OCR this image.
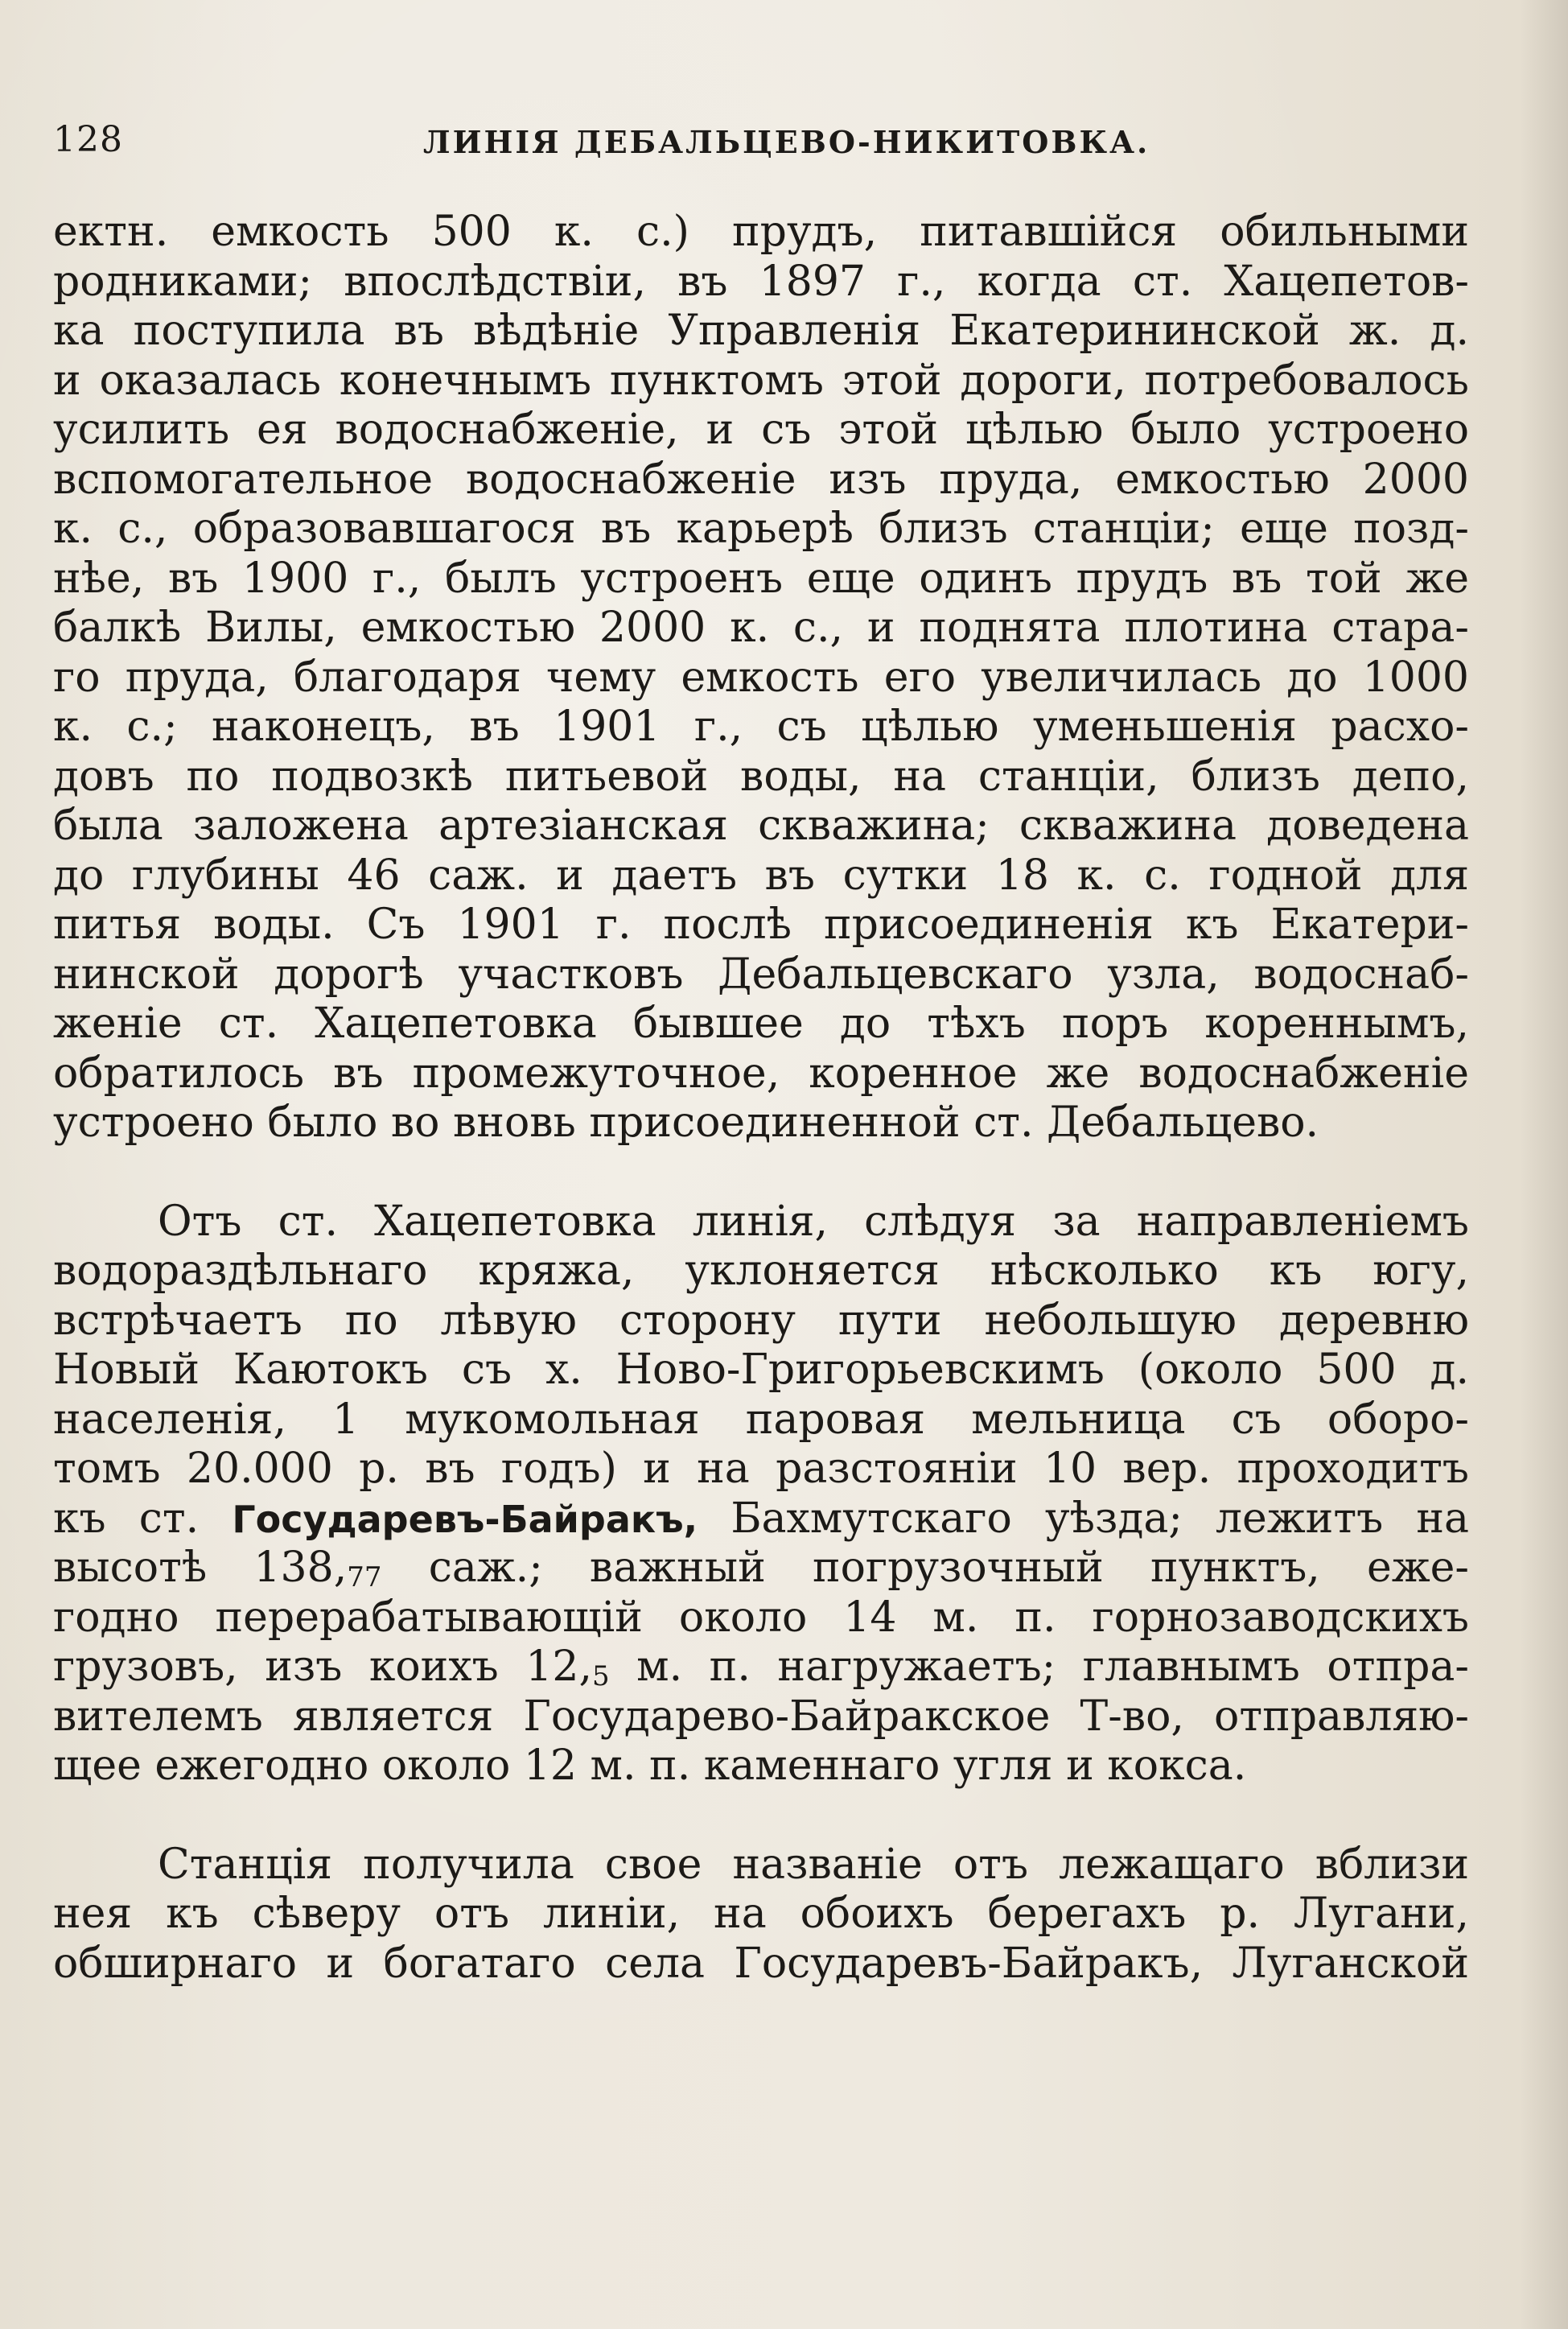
128	ЛИНІЯ ДЕБАЛЬЦЕВО-НИКИТОВКА.
ектн. емкость 500 к. с.) прудъ, питавшійся обильными
родниками; впослѣдствіи, въ 1897 г., когда ст. Хацепетов-
ка поступила въ вѣдѣніе Управленія Екатерининской ж. д.
и оказалась конечнымъ пунктомъ этой дороги, потребовалось
усилить ея водоснабженіе, и съ этой цѣлью было устроено
вспомогательное водоснабженіе изъ пруда, емкостью 2000
к. с., образовавшагося въ карьерѣ близъ станціи; еще позд-
нѣе, въ 1900 г., былъ устроенъ еще одинъ прудъ въ той же
балкѣ Вилы, емкостью 2000 к. с., и поднята плотина стара-
го пруда, благодаря чему емкость его увеличилась до 1000
к. с.; наконецъ, въ 1901 г., съ цѣлью уменьшенія расхо-
довъ по подвозкѣ питьевой воды, на станціи, близъ депо,
была заложена артезіанская скважина; скважина доведена
до глубины 46 саж. и даетъ въ сутки 18 к. с. годной для
питья воды. Съ 1901 г. послѣ присоединенія къ Екатери-
нинской дорогѣ участковъ Дебальцевскаго узла, водоснаб-
женіе ст. Хацепетовка бывшее до тѣхъ поръ кореннымъ,
обратилось въ промежуточное, коренное же водоснабженіе
устроено было во вновь присоединенной ст. Дебальцево.
Отъ ст. Хацепетовка линія, слѣдуя за направленіемъ
водораздѣльнаго кряжа, уклоняется нѣсколько къ югу,
встрѣчаетъ по лѣвую сторону пути небольшую деревню
Новый Каютокъ съ х. Ново-Григорьевскимъ (около 500 д.
населенія, 1 мукомольная паровая мельница съ оборо-
томъ 20.000 р. въ годъ) и на разстояніи 10 вер. проходитъ
къ ст. Государевъ-Байракъ, Бахмутскаго уѣзда; лежитъ на
высотѣ 138,77 саж.; важный погрузочный пунктъ, еже-
годно перерабатывающій около 14 м. п. горнозаводскихъ
грузовъ, изъ коихъ 12,5 м. п. нагружаетъ; главнымъ отпра-
вителемъ является Государево-Байракское Т-во, отправляю-
щее ежегодно около 12 м. п. каменнаго угля и кокса.
Станція получила свое названіе отъ лежащаго вблизи
нея къ сѣверу отъ линіи, на обоихъ берегахъ р. Лугани,
обширнаго и богатаго села Государевъ-Байракъ, Луганской
